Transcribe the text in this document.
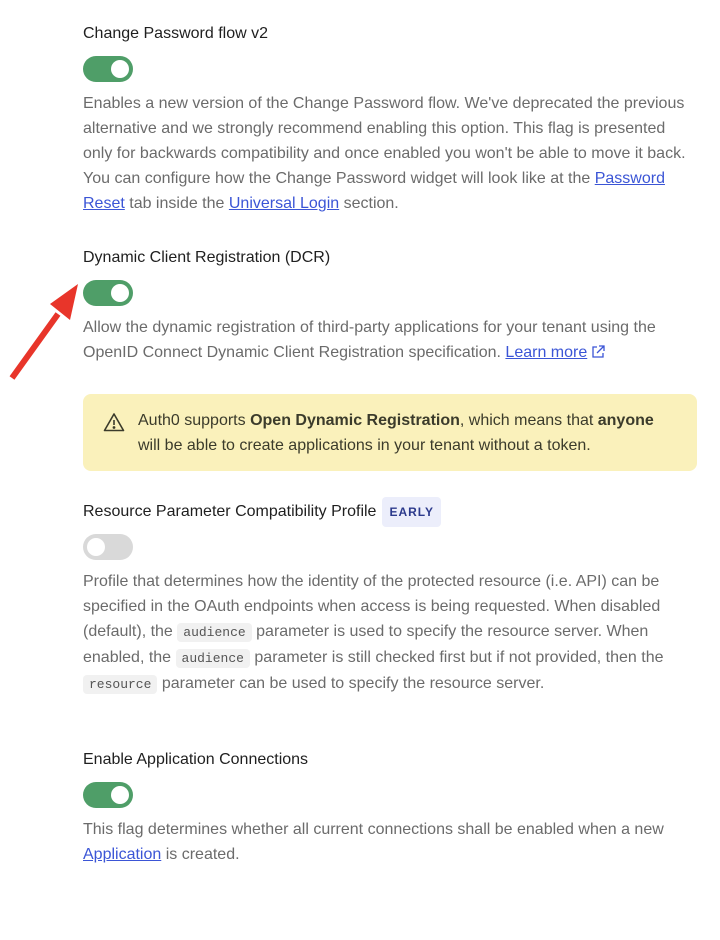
Change Password flow v2
Enables a new version of the Change Password flow. We've deprecated the previous alternative and we strongly recommend enabling this option. This flag is presented only for backwards compatibility and once enabled you won't be able to move it back. You can configure how the Change Password widget will look like at the Password Reset tab inside the Universal Login section.
Dynamic Client Registration (DCR)
Allow the dynamic registration of third-party applications for your tenant using the OpenID Connect Dynamic Client Registration specification. Learn more
Auth0 supports Open Dynamic Registration, which means that anyone will be able to create applications in your tenant without a token.
Resource Parameter Compatibility Profile	EARLY
Profile that determines how the identity of the protected resource (i.e. API) can be specified in the OAuth endpoints when access is being requested. When disabled (default), the audience parameter is used to specify the resource server. When enabled, the audience parameter is still checked first but if not provided, then the resource parameter can be used to specify the resource server.
Enable Application Connections
This flag determines whether all current connections shall be enabled when a new Application is created.
